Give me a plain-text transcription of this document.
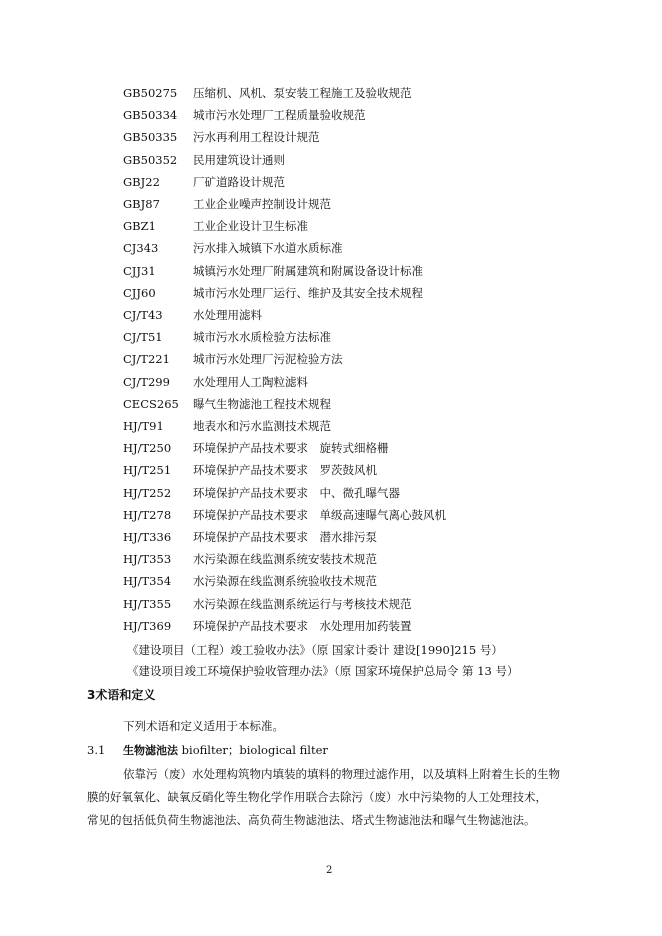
GB50275 压缩机、风机、泵安装工程施工及验收规范
GB50334 城市污水处理厂工程质量验收规范
GB50335 污水再利用工程设计规范
GB50352 民用建筑设计通则
GBJ22	厂矿道路设计规范
GBJ87	工业企业噪声控制设计规范
GBZ1	工业企业设计卫生标准
CJ343	污水排入城镇下水道水质标准
CJJ31	城镇污水处理厂附属建筑和附属设备设计标准
CJJ60	城市污水处理厂运行、维护及其安全技术规程
CJ/T43	水处理用滤料
CJ/T51	城市污水水质检验方法标准
CJ/T221 城市污水处理厂污泥检验方法
CJ/T299 水处理用人工陶粒滤料
CECS265 曝气生物滤池工程技术规程
HJ/T91	地表水和污水监测技术规范
HJ/T250 环境保护产品技术要求　旋转式细格栅
HJ/T251 环境保护产品技术要求　罗茨鼓风机
HJ/T252 环境保护产品技术要求　中、微孔曝气器
HJ/T278 环境保护产品技术要求　单级高速曝气离心鼓风机
HJ/T336 环境保护产品技术要求　潜水排污泵
HJ/T353 水污染源在线监测系统安装技术规范
HJ/T354 水污染源在线监测系统验收技术规范
HJ/T355 水污染源在线监测系统运行与考核技术规范
HJ/T369 环境保护产品技术要求　水处理用加药装置
《建设项目（工程）竣工验收办法》（原 国家计委计 建设[1990]215 号）
《建设项目竣工环境保护验收管理办法》（原 国家环境保护总局令 第 13 号）
3术语和定义
下列术语和定义适用于本标准。
3.1 生物滤池法 biofilter；biological filter
依靠污（废）水处理构筑物内填装的填料的物理过滤作用，以及填料上附着生长的生物
膜的好氧氧化、缺氧反硝化等生物化学作用联合去除污（废）水中污染物的人工处理技术，
常见的包括低负荷生物滤池法、高负荷生物滤池法、塔式生物滤池法和曝气生物滤池法。
2
